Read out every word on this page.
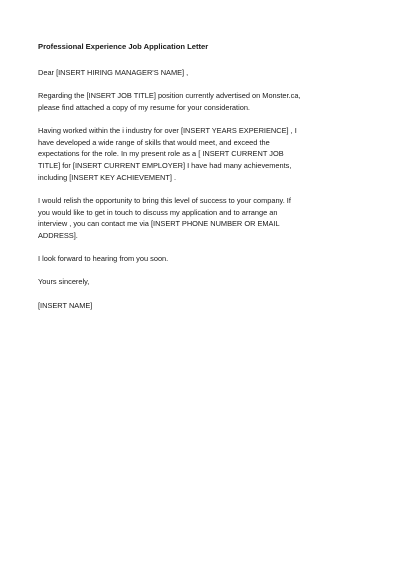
Professional Experience Job Application Letter
Dear [INSERT HIRING MANAGER'S NAME] ,
Regarding the [INSERT JOB TITLE] position currently advertised on Monster.ca,
please find attached a copy of my resume for your consideration.
Having worked within the i industry for over [INSERT YEARS EXPERIENCE] , I
have developed a wide range of skills that would meet, and exceed the
expectations for the role. In my present role as a [ INSERT CURRENT JOB
TITLE] for [INSERT CURRENT EMPLOYER] I have had many achievements,
including [INSERT KEY ACHIEVEMENT] .
I would relish the opportunity to bring this level of success to your company. If
you would like to get in touch to discuss my application and to arrange an
interview , you can contact me via [INSERT PHONE NUMBER OR EMAIL
ADDRESS].
I look forward to hearing from you soon.
Yours sincerely,
[INSERT NAME]
